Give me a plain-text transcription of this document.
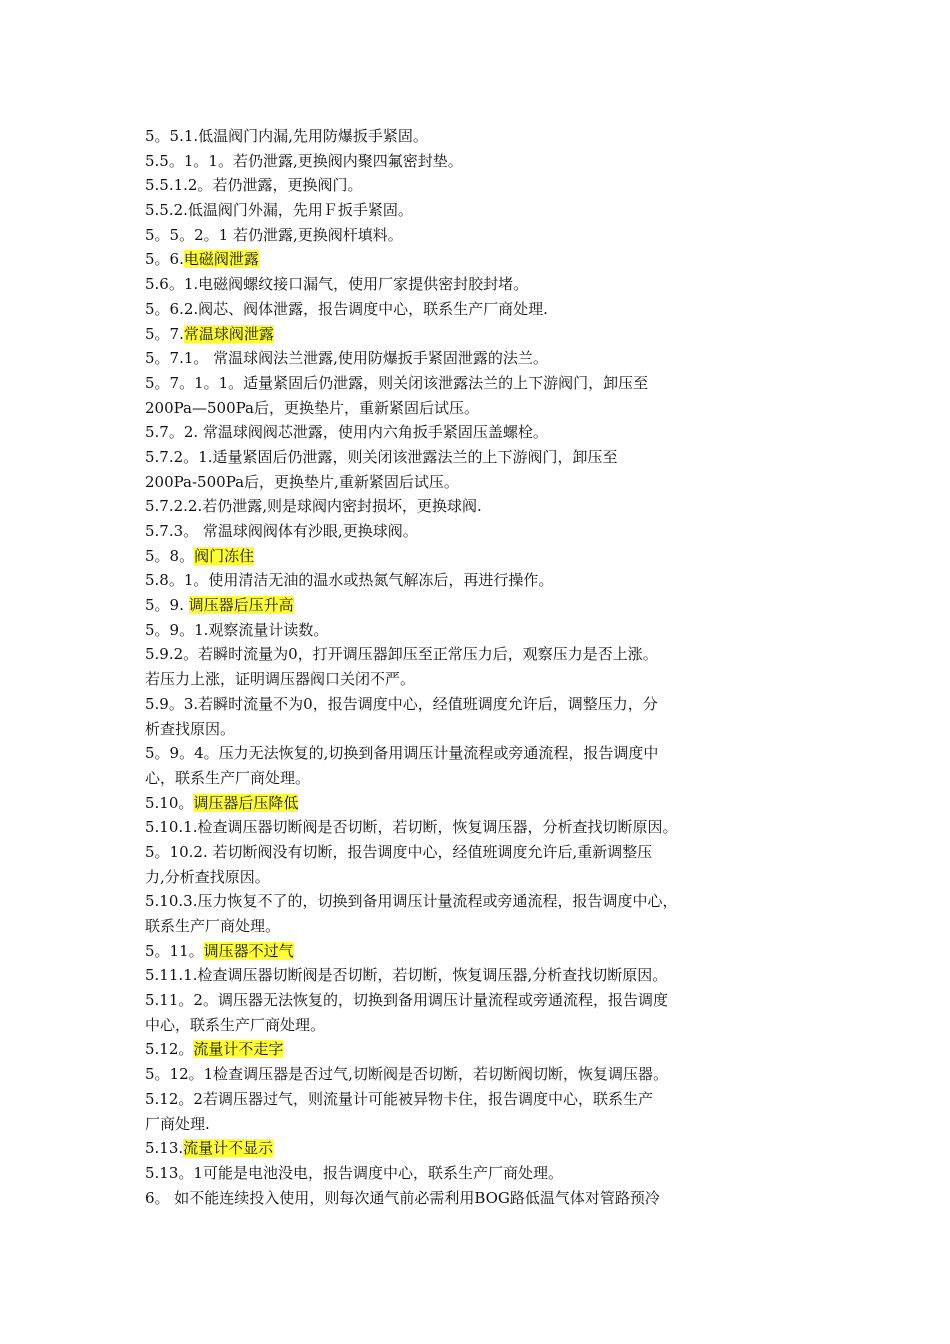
5。5.1.低温阀门内漏,先用防爆扳手紧固。
5.5。1。1。若仍泄露,更换阀内聚四氟密封垫。
5.5.1.2。若仍泄露，更换阀门。
5.5.2.低温阀门外漏，先用Ｆ扳手紧固。
5。5。2。1 若仍泄露,更换阀杆填料。
5。6.电磁阀泄露
5.6。1.电磁阀螺纹接口漏气，使用厂家提供密封胶封堵。
5。6.2.阀芯、阀体泄露，报告调度中心，联系生产厂商处理.
5。7.常温球阀泄露
5。7.1。 常温球阀法兰泄露,使用防爆扳手紧固泄露的法兰。
5。7。1。1。适量紧固后仍泄露，则关闭该泄露法兰的上下游阀门，卸压至
200Pa—500Pa后，更换垫片，重新紧固后试压。
5.7。2. 常温球阀阀芯泄露，使用内六角扳手紧固压盖螺栓。
5.7.2。1.适量紧固后仍泄露，则关闭该泄露法兰的上下游阀门，卸压至
200Pa-500Pa后，更换垫片,重新紧固后试压。
5.7.2.2.若仍泄露,则是球阀内密封损坏，更换球阀.
5.7.3。 常温球阀阀体有沙眼,更换球阀。
5。8。阀门冻住
5.8。1。使用清洁无油的温水或热氮气解冻后，再进行操作。
5。9. 调压器后压升高
5。9。1.观察流量计读数。
5.9.2。若瞬时流量为0，打开调压器卸压至正常压力后，观察压力是否上涨。
若压力上涨，证明调压器阀口关闭不严。
5.9。3.若瞬时流量不为0，报告调度中心，经值班调度允许后，调整压力，分
析查找原因。
5。9。4。压力无法恢复的,切换到备用调压计量流程或旁通流程，报告调度中
心，联系生产厂商处理。
5.10。调压器后压降低
5.10.1.检查调压器切断阀是否切断，若切断，恢复调压器，分析查找切断原因。
5。10.2. 若切断阀没有切断，报告调度中心，经值班调度允许后,重新调整压
力,分析查找原因。
5.10.3.压力恢复不了的，切换到备用调压计量流程或旁通流程，报告调度中心，
联系生产厂商处理。
5。11。调压器不过气
5.11.1.检查调压器切断阀是否切断，若切断，恢复调压器,分析查找切断原因。
5.11。2。调压器无法恢复的，切换到备用调压计量流程或旁通流程，报告调度
中心，联系生产厂商处理。
5.12。流量计不走字
5。12。1检查调压器是否过气,切断阀是否切断，若切断阀切断，恢复调压器。
5.12。2若调压器过气，则流量计可能被异物卡住，报告调度中心，联系生产
厂商处理.
5.13.流量计不显示
5.13。1可能是电池没电，报告调度中心，联系生产厂商处理。
6。 如不能连续投入使用，则每次通气前必需利用BOG路低温气体对管路预冷
